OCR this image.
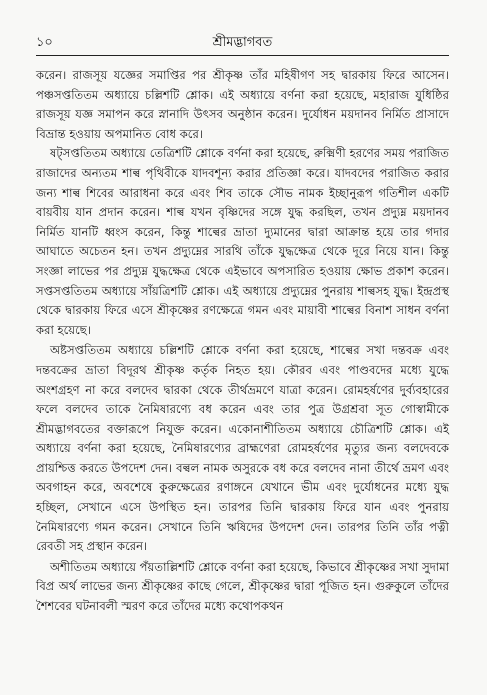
১০	শ্রীমদ্ভাগবত

করেন। রাজসূয় যজ্ঞের সমাপ্তির পর শ্রীকৃষ্ণ তাঁর মহিষীগণ সহ দ্বারকায় ফিরে আসেন। পঞ্চসপ্ততিতম অধ্যায়ে চল্লিশটি শ্লোক। এই অধ্যায়ে বর্ণনা করা হয়েছে, মহারাজ যুধিষ্ঠির রাজসূয় যজ্ঞ সমাপন করে স্নানাদি উৎসব অনুষ্ঠান করেন। দুর্যোধন ময়দানব নির্মিত প্রাসাদে বিভ্রান্ত হওয়ায় অপমানিত বোধ করে।

ষট্সপ্ততিতম অধ্যায়ে তেত্রিশটি শ্লোকে বর্ণনা করা হয়েছে, রুক্মিণী হরণের সময় পরাজিত রাজাদের অন্যতম শাল্ব পৃথিবীকে যাদবশূন্য করার প্রতিজ্ঞা করে। যাদবদের পরাজিত করার জন্য শাল্ব শিবের আরাধনা করে এবং শিব তাকে সৌভ নামক ইচ্ছানুরূপ গতিশীল একটি বায়বীয় যান প্রদান করেন। শাল্ব যখন বৃষ্ণিদের সঙ্গে যুদ্ধ করছিল, তখন প্রদ্যুম্ন ময়দানব নির্মিত যানটি ধ্বংস করেন, কিন্তু শাল্বের ভ্রাতা দ্যুমানের দ্বারা আক্রান্ত হয়ে তার গদার আঘাতে অচেতন হন। তখন প্রদ্যুম্নের সারথি তাঁকে যুদ্ধক্ষেত্র থেকে দূরে নিয়ে যান। কিন্তু সংজ্ঞা লাভের পর প্রদ্যুম্ন যুদ্ধক্ষেত্র থেকে এইভাবে অপসারিত হওয়ায় ক্ষোভ প্রকাশ করেন। সপ্তসপ্ততিতম অধ্যায়ে সাঁয়ত্রিশটি শ্লোক। এই অধ্যায়ে প্রদ্যুম্নের পুনরায় শাল্বসহ যুদ্ধ। ইন্দ্রপ্রস্থ থেকে দ্বারকায় ফিরে এসে শ্রীকৃষ্ণের রণক্ষেত্রে গমন এবং মায়াবী শাল্বের বিনাশ সাধন বর্ণনা করা হয়েছে।

অষ্টসপ্ততিতম অধ্যায়ে চল্লিশটি শ্লোকে বর্ণনা করা হয়েছে, শাল্বের সখা দন্তবক্র এবং দন্তবক্রের ভ্রাতা বিদূরথ শ্রীকৃষ্ণ কর্তৃক নিহত হয়। কৌরব এবং পাণ্ডবদের মধ্যে যুদ্ধে অংশগ্রহণ না করে বলদেব দ্বারকা থেকে তীর্থভ্রমণে যাত্রা করেন। রোমহর্ষণের দুর্ব্যবহারের ফলে বলদেব তাকে নৈমিষারণ্যে বধ করেন এবং তার পুত্র উগ্রশ্রবা সূত গোস্বামীকে শ্রীমদ্ভাগবতের বক্তারূপে নিযুক্ত করেন। একোনাশীতিতম অধ্যায়ে চৌত্রিশটি শ্লোক। এই অধ্যায়ে বর্ণনা করা হয়েছে, নৈমিষারণ্যের ব্রাহ্মণেরা রোমহর্ষণের মৃত্যুর জন্য বলদেবকে প্রায়শ্চিত্ত করতে উপদেশ দেন। বল্বল নামক অসুরকে বধ করে বলদেব নানা তীর্থে ভ্রমণ এবং অবগাহন করে, অবশেষে কুরুক্ষেত্রের রণাঙ্গনে যেখানে ভীম এবং দুর্যোধনের মধ্যে যুদ্ধ হচ্ছিল, সেখানে এসে উপস্থিত হন। তারপর তিনি দ্বারকায় ফিরে যান এবং পুনরায় নৈমিষারণ্যে গমন করেন। সেখানে তিনি ঋষিদের উপদেশ দেন। তারপর তিনি তাঁর পত্নী রেবতী সহ প্রস্থান করেন।

অশীতিতম অধ্যায়ে পঁয়তাল্লিশটি শ্লোকে বর্ণনা করা হয়েছে, কিভাবে শ্রীকৃষ্ণের সখা সুদামা বিপ্র অর্থ লাভের জন্য শ্রীকৃষ্ণের কাছে গেলে, শ্রীকৃষ্ণের দ্বারা পূজিত হন। গুরুকুলে তাঁদের শৈশবের ঘটনাবলী স্মরণ করে তাঁদের মধ্যে কথোপকথন
